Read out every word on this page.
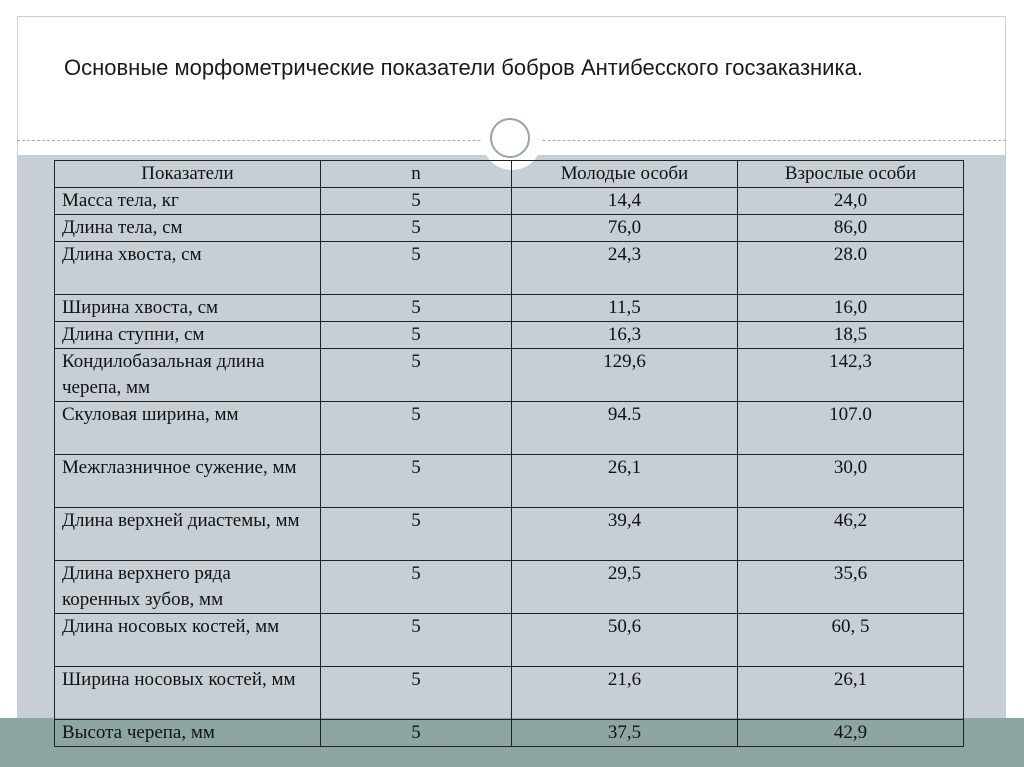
Основные морфометрические показатели бобров Антибесского госзаказника.
Показатели	n	Молодые особи	Взрослые особи
Масса тела, кг	5	14,4	24,0
Длина тела, см	5	76,0	86,0
Длина хвоста, см	5	24,3	28.0
Ширина хвоста, см	5	11,5	16,0
Длина ступни, см	5	16,3	18,5
Кондилобазальная длина черепа, мм	5	129,6	142,3
Скуловая ширина, мм	5	94.5	107.0
Межглазничное сужение, мм	5	26,1	30,0
Длина верхней диастемы, мм	5	39,4	46,2
Длина верхнего ряда коренных зубов, мм	5	29,5	35,6
Длина носовых костей, мм	5	50,6	60, 5
Ширина носовых костей, мм	5	21,6	26,1
Высота черепа, мм	5	37,5	42,9
